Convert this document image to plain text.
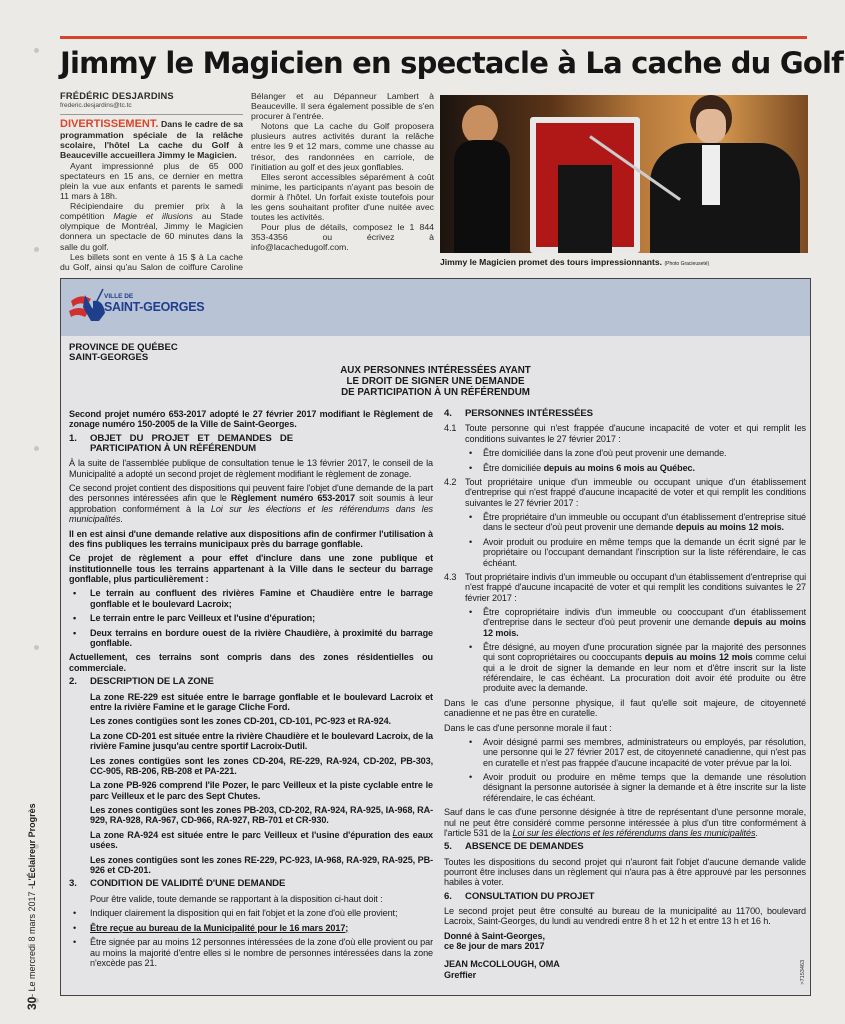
Jimmy le Magicien en spectacle à La cache du Golf
FRÉDÉRIC DESJARDINS
frederic.desjardins@tc.tc
DIVERTISSEMENT. Dans le cadre de sa programmation spéciale de la relâche scolaire, l'hôtel La cache du Golf à Beauceville accueillera Jimmy le Magicien.

Ayant impressionné plus de 65 000 spectateurs en 15 ans, ce dernier en mettra plein la vue aux enfants et parents le samedi 11 mars à 18h.

Récipiendaire du premier prix à la compétition Magie et illusions au Stade olympique de Montréal, Jimmy le Magicien donnera un spectacle de 60 minutes dans la salle du golf.

Les billets sont en vente à 15 $ à La cache du Golf, ainsi qu'au Salon de coiffure Caroline Bélanger et au Dépanneur Lambert à Beauceville. Il sera également possible de s'en procurer à l'entrée.

Notons que La cache du Golf proposera plusieurs autres activités durant la relâche entre les 9 et 12 mars, comme une chasse au trésor, des randonnées en carriole, de l'initiation au golf et des jeux gonflables.

Elles seront accessibles séparément à coût minime, les participants n'ayant pas besoin de dormir à l'hôtel. Un forfait existe toutefois pour les gens souhaitant profiter d'une nuitée avec toutes les activités.

Pour plus de détails, composez le 1 844 353-4356 ou écrivez à info@lacachedugolf.com.

Jimmy le Magicien promet des tours impressionnants. (Photo Gracieuseté)
VILLE DE
SAINT-GEORGES
PROVINCE DE QUÉBEC
SAINT-GEORGES
AUX PERSONNES INTÉRESSÉES AYANT
LE DROIT DE SIGNER UNE DEMANDE
DE PARTICIPATION À UN RÉFÉRENDUM

Second projet numéro 653-2017 adopté le 27 février 2017 modifiant le Règlement de zonage numéro 150-2005 de la Ville de Saint-Georges.

1.	OBJET DU PROJET ET DEMANDES DE PARTICIPATION À UN RÉFÉRENDUM

À la suite de l'assemblée publique de consultation tenue le 13 février 2017, le conseil de la Municipalité a adopté un second projet de règlement modifiant le règlement de zonage.

Ce second projet contient des dispositions qui peuvent faire l'objet d'une demande de la part des personnes intéressées afin que le Règlement numéro 653-2017 soit soumis à leur approbation conformément à la Loi sur les élections et les référendums dans les municipalités.

Il en est ainsi d'une demande relative aux dispositions afin de confirmer l'utilisation à des fins publiques les terrains municipaux près du barrage gonflable.

Ce projet de règlement a pour effet d'inclure dans une zone publique et institutionnelle tous les terrains appartenant à la Ville dans le secteur du barrage gonflable, plus particulièrement :

•	Le terrain au confluent des rivières Famine et Chaudière entre le barrage gonflable et le boulevard Lacroix;

•	Le terrain entre le parc Veilleux et l'usine d'épuration;

•	Deux terrains en bordure ouest de la rivière Chaudière, à proximité du barrage gonflable.

Actuellement, ces terrains sont compris dans des zones résidentielles ou commerciale.

2.	DESCRIPTION DE LA ZONE

La zone RE-229 est située entre le barrage gonflable et le boulevard Lacroix et entre la rivière Famine et le garage Cliche Ford.

Les zones contigües sont les zones CD-201, CD-101, PC-923 et RA-924.

La zone CD-201 est située entre la rivière Chaudière et le boulevard Lacroix, de la rivière Famine jusqu'au centre sportif Lacroix-Dutil.

Les zones contigües sont les zones CD-204, RE-229, RA-924, CD-202, PB-303, CC-905, RB-206, RB-208 et PA-221.

La zone PB-926 comprend l'île Pozer, le parc Veilleux et la piste cyclable entre le parc Veilleux et le parc des Sept Chutes.

Les zones contigües sont les zones PB-203, CD-202, RA-924, RA-925, IA-968, RA-929, RA-928, RA-967, CD-966, RA-927, RB-701 et CR-930.

La zone RA-924 est située entre le parc Veilleux et l'usine d'épuration des eaux usées.

Les zones contigües sont les zones RE-229, PC-923, IA-968, RA-929, RA-925, PB-926 et CD-201.

3.	CONDITION DE VALIDITÉ D'UNE DEMANDE

Pour être valide, toute demande se rapportant à la disposition ci-haut doit :

•	Indiquer clairement la disposition qui en fait l'objet et la zone d'où elle provient;

•	Être reçue au bureau de la Municipalité pour le 16 mars 2017;

•	Être signée par au moins 12 personnes intéressées de la zone d'où elle provient ou par au moins la majorité d'entre elles si le nombre de personnes intéressées dans la zone n'excède pas 21.

4.	PERSONNES INTÉRESSÉES

4.1 Toute personne qui n'est frappée d'aucune incapacité de voter et qui remplit les conditions suivantes le 27 février 2017 :

•	Être domiciliée dans la zone d'où peut provenir une demande.

•	Être domiciliée depuis au moins 6 mois au Québec.

4.2 Tout propriétaire unique d'un immeuble ou occupant unique d'un établissement d'entreprise qui n'est frappé d'aucune incapacité de voter et qui remplit les conditions suivantes le 27 février 2017 :

•	Être propriétaire d'un immeuble ou occupant d'un établissement d'entreprise situé dans le secteur d'où peut provenir une demande depuis au moins 12 mois.

•	Avoir produit ou produire en même temps que la demande un écrit signé par le propriétaire ou l'occupant demandant l'inscription sur la liste référendaire, le cas échéant.

4.3 Tout propriétaire indivis d'un immeuble ou occupant d'un établissement d'entreprise qui n'est frappé d'aucune incapacité de voter et qui remplit les conditions suivantes le 27 février 2017 :

•	Être copropriétaire indivis d'un immeuble ou cooccupant d'un établissement d'entreprise dans le secteur d'où peut provenir une demande depuis au moins 12 mois.

•	Être désigné, au moyen d'une procuration signée par la majorité des personnes qui sont copropriétaires ou cooccupants depuis au moins 12 mois comme celui qui a le droit de signer la demande en leur nom et d'être inscrit sur la liste référendaire, le cas échéant. La procuration doit avoir été produite ou être produite avec la demande.

Dans le cas d'une personne physique, il faut qu'elle soit majeure, de citoyenneté canadienne et ne pas être en curatelle.

Dans le cas d'une personne morale il faut :

•	Avoir désigné parmi ses membres, administrateurs ou employés, par résolution, une personne qui le 27 février 2017 est, de citoyenneté canadienne, qui n'est pas en curatelle et n'est pas frappée d'aucune incapacité de voter prévue par la loi.

•	Avoir produit ou produire en même temps que la demande une résolution désignant la personne autorisée à signer la demande et à être inscrite sur la liste référendaire, le cas échéant.

Sauf dans le cas d'une personne désignée à titre de représentant d'une personne morale, nul ne peut être considéré comme personne intéressée à plus d'un titre conformément à l'article 531 de la Loi sur les élections et les référendums dans les municipalités.

5.	ABSENCE DE DEMANDES

Toutes les dispositions du second projet qui n'auront fait l'objet d'aucune demande valide pourront être incluses dans un règlement qui n'aura pas à être approuvé par les personnes habiles à voter.

6.	CONSULTATION DU PROJET

Le second projet peut être consulté au bureau de la municipalité au 11700, boulevard Lacroix, Saint-Georges, du lundi au vendredi entre 8 h et 12 h et entre 13 h et 16 h.

Donné à Saint-Georges,
ce 8e jour de mars 2017

JEAN McCOLLOUGH, OMA
Greffier	>7153463
30
- Le mercredi 8 mars 2017 -
L'Éclaireur Progrès
